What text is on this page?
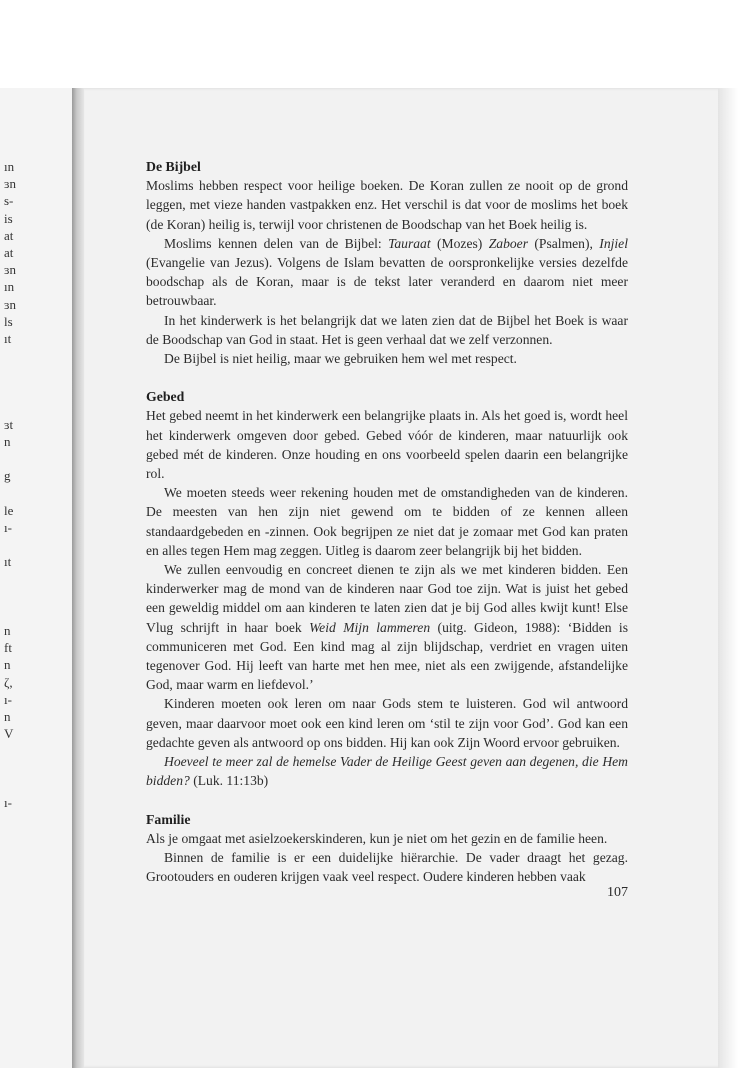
ın
ɜn
s-
is
at
at
ɜn
ın
ɜn
ls
ıt
ɜt
n
g
le
ı-
ıt
n
ft
n
ζ,
ı-
n
V
ı-
De Bijbel

Moslims hebben respect voor heilige boeken. De Koran zullen ze nooit op de grond leggen, met vieze handen vastpakken enz. Het verschil is dat voor de moslims het boek (de Koran) heilig is, terwijl voor christenen de Boodschap van het Boek heilig is.

Moslims kennen delen van de Bijbel: Tauraat (Mozes) Zaboer (Psalmen), Injiel (Evangelie van Jezus). Volgens de Islam bevatten de oorspronkelijke versies dezelfde boodschap als de Koran, maar is de tekst later veranderd en daarom niet meer betrouwbaar.

In het kinderwerk is het belangrijk dat we laten zien dat de Bijbel het Boek is waar de Boodschap van God in staat. Het is geen verhaal dat we zelf verzonnen.

De Bijbel is niet heilig, maar we gebruiken hem wel met respect.

Gebed

Het gebed neemt in het kinderwerk een belangrijke plaats in. Als het goed is, wordt heel het kinderwerk omgeven door gebed. Gebed vóór de kinderen, maar natuurlijk ook gebed mét de kinderen. Onze houding en ons voorbeeld spelen daarin een belangrijke rol.

We moeten steeds weer rekening houden met de omstandigheden van de kinderen. De meesten van hen zijn niet gewend om te bidden of ze kennen alleen standaardgebeden en -zinnen. Ook begrijpen ze niet dat je zomaar met God kan praten en alles tegen Hem mag zeggen. Uitleg is daarom zeer belangrijk bij het bidden.

We zullen eenvoudig en concreet dienen te zijn als we met kinderen bidden. Een kinderwerker mag de mond van de kinderen naar God toe zijn. Wat is juist het gebed een geweldig middel om aan kinderen te laten zien dat je bij God alles kwijt kunt! Else Vlug schrijft in haar boek Weid Mijn lammeren (uitg. Gideon, 1988): ‘Bidden is communiceren met God. Een kind mag al zijn blijdschap, verdriet en vragen uiten tegenover God. Hij leeft van harte met hen mee, niet als een zwijgende, afstandelijke God, maar warm en liefdevol.’

Kinderen moeten ook leren om naar Gods stem te luisteren. God wil antwoord geven, maar daarvoor moet ook een kind leren om ‘stil te zijn voor God’. God kan een gedachte geven als antwoord op ons bidden. Hij kan ook Zijn Woord ervoor gebruiken.

Hoeveel te meer zal de hemelse Vader de Heilige Geest geven aan degenen, die Hem bidden? (Luk. 11:13b)

Familie

Als je omgaat met asielzoekerskinderen, kun je niet om het gezin en de familie heen.

Binnen de familie is er een duidelijke hiërarchie. De vader draagt het gezag. Grootouders en ouderen krijgen vaak veel respect. Oudere kinderen hebben vaak

107
